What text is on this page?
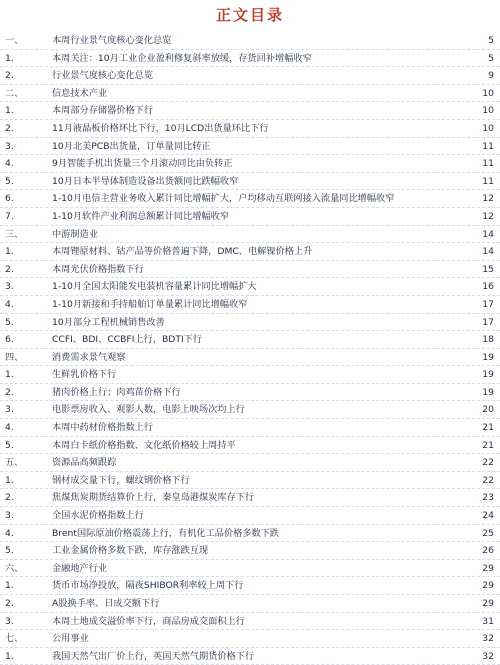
正文目录
一、	本周行业景气度核心变化总览	5
1.	本周关注：10月工业企业盈利修复斜率放缓，存货回补增幅收窄	5
2.	行业景气度核心变化总览	9
二、	信息技术产业	10
1.	本周部分存储器价格下行	10
2.	11月液晶板价格环比下行，10月LCD出货量环比下行	10
3.	10月北美PCB出货量，订单量同比转正	11
4.	9月智能手机出货量三个月滚动同比由负转正	11
5.	10月日本半导体制造设备出货额同比跌幅收窄	11
6.	1-10月电信主营业务收入累计同比增幅扩大，户均移动互联网接入流量同比增幅收窄	12
7.	1-10月软件产业利润总额累计同比增幅收窄	12
三、	中游制造业	14
1.	本周锂原材料、钴产品等价格普遍下降，DMC、电解镍价格上升	14
2.	本周光伏价格指数下行	15
3.	1-10月全国太阳能发电装机容量累计同比增幅扩大	16
4.	1-10月新接和手持船舶订单量累计同比增幅收窄	17
5.	10月部分工程机械销售改善	17
6.	CCFI、BDI、CCBFI上行，BDTI下行	18
四、	消费需求景气观察	19
1.	生鲜乳价格下行	19
2.	猪肉价格上行；肉鸡苗价格下行	19
3.	电影票房收入、观影人数，电影上映场次均上行	20
4.	本周中药材价格指数上行	21
5.	本周白卡纸价格指数、文化纸价格较上周持平	21
五、	资源品高频跟踪	22
1.	钢材成交量下行，螺纹钢价格下行	22
2.	焦煤焦炭期货结算价上行，秦皇岛港煤炭库存下行	23
3.	全国水泥价格指数上行	24
4.	Brent国际原油价格震荡上行，有机化工品价格多数下跌	25
5.	工业金属价格多数下跌，库存涨跌互现	26
六、	金融地产行业	29
1.	货币市场净投放，隔夜SHIBOR利率较上周下行	29
2.	A股换手率、日成交额下行	29
3.	本周土地成交溢价率下行，商品房成交面积上行	31
七、	公用事业	32
1.	我国天然气出厂价上行，英国天然气期货价格下行	32
